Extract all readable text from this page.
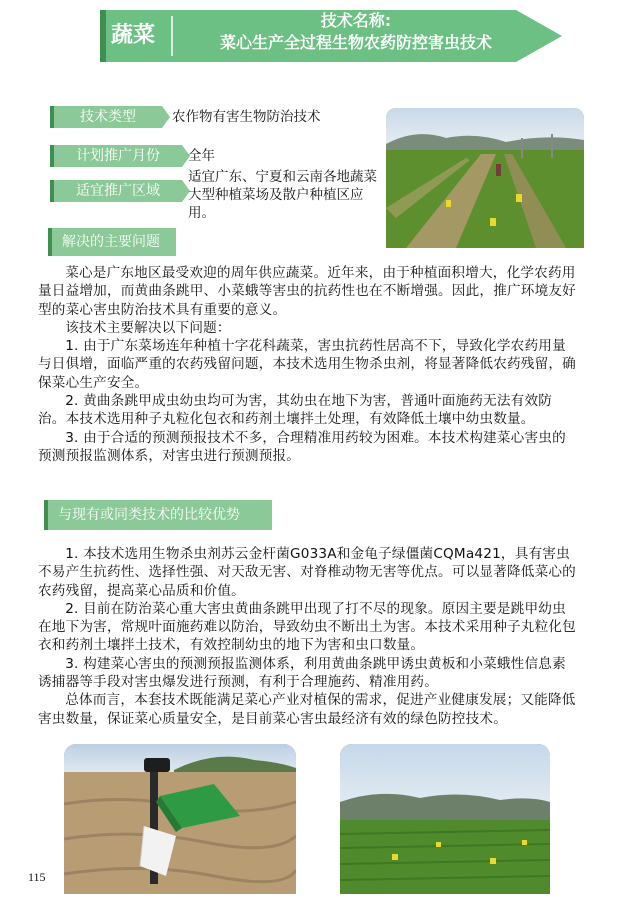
蔬菜
技术名称:
菜心生产全过程生物农药防控害虫技术
技术类型	农作物有害生物防治技术
计划推广月份	全年
适宜推广区域
适宜广东、宁夏和云南各地蔬菜大型种植菜场及散户种植区应用。
解决的主要问题

菜心是广东地区最受欢迎的周年供应蔬菜。近年来，由于种植面积增大，化学农药用量日益增加，而黄曲条跳甲、小菜蛾等害虫的抗药性也在不断增强。因此，推广环境友好型的菜心害虫防治技术具有重要的意义。

该技术主要解决以下问题：

1. 由于广东菜场连年种植十字花科蔬菜，害虫抗药性居高不下，导致化学农药用量与日俱增，面临严重的农药残留问题，本技术选用生物杀虫剂，将显著降低农药残留，确保菜心生产安全。

2. 黄曲条跳甲成虫幼虫均可为害，其幼虫在地下为害，普通叶面施药无法有效防治。本技术选用种子丸粒化包衣和药剂土壤拌土处理，有效降低土壤中幼虫数量。

3. 由于合适的预测预报技术不多，合理精准用药较为困难。本技术构建菜心害虫的预测预报监测体系，对害虫进行预测预报。

与现有或同类技术的比较优势

1. 本技术选用生物杀虫剂苏云金杆菌G033A和金龟子绿僵菌CQMa421，具有害虫不易产生抗药性、选择性强、对天敌无害、对脊椎动物无害等优点。可以显著降低菜心的农药残留，提高菜心品质和价值。

2. 目前在防治菜心重大害虫黄曲条跳甲出现了打不尽的现象。原因主要是跳甲幼虫在地下为害，常规叶面施药难以防治，导致幼虫不断出土为害。本技术采用种子丸粒化包衣和药剂土壤拌土技术，有效控制幼虫的地下为害和虫口数量。

3. 构建菜心害虫的预测预报监测体系，利用黄曲条跳甲诱虫黄板和小菜蛾性信息素诱捕器等手段对害虫爆发进行预测，有利于合理施药、精准用药。

总体而言，本套技术既能满足菜心产业对植保的需求，促进产业健康发展；又能降低害虫数量，保证菜心质量安全，是目前菜心害虫最经济有效的绿色防控技术。

115
